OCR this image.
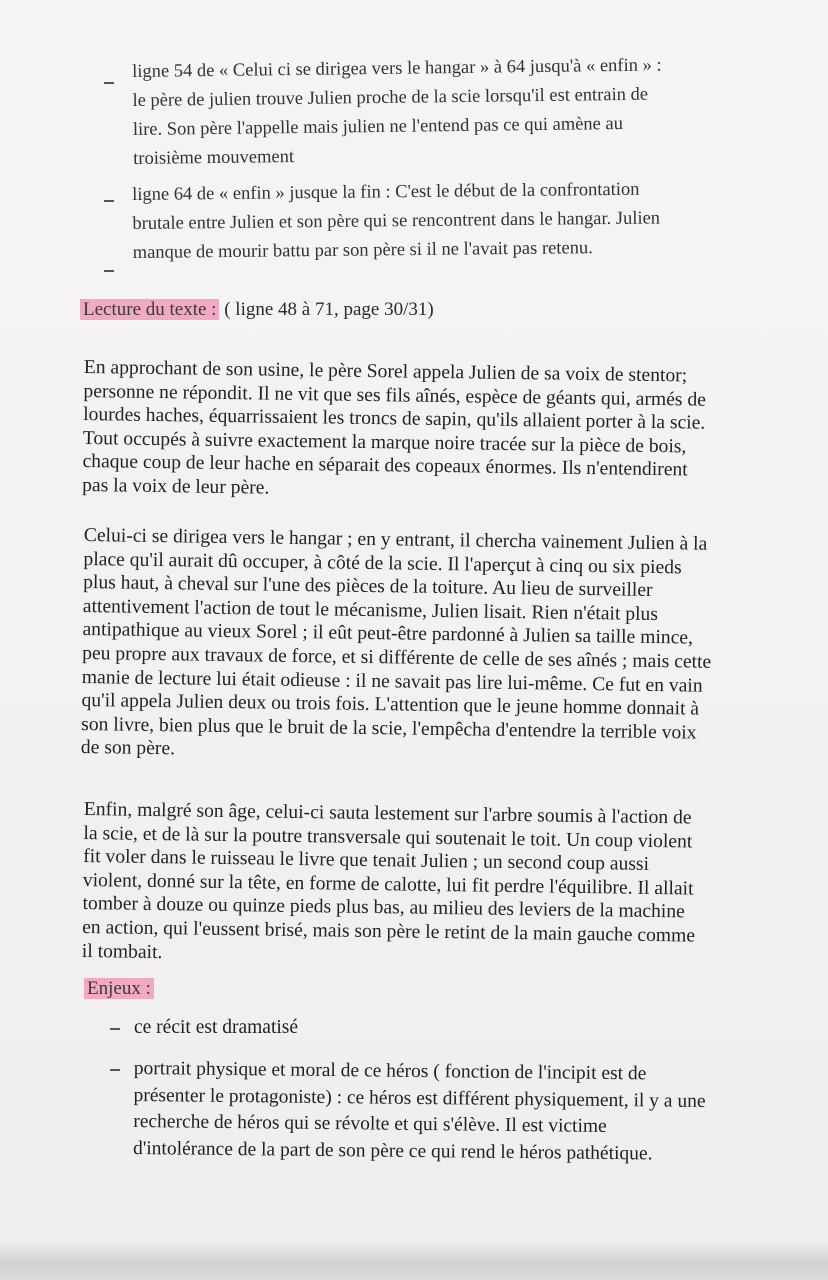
ligne 54 de « Celui ci se dirigea vers le hangar » à 64 jusqu'à « enfin » :
le père de julien trouve Julien proche de la scie lorsqu'il est entrain de
lire. Son père l'appelle mais julien ne l'entend pas ce qui amène au
troisième mouvement
ligne 64 de « enfin » jusque la fin : C'est le début de la confrontation
brutale entre Julien et son père qui se rencontrent dans le hangar. Julien
manque de mourir battu par son père si il ne l'avait pas retenu.
Lecture du texte : ( ligne 48 à 71, page 30/31)
En approchant de son usine, le père Sorel appela Julien de sa voix de stentor;
personne ne répondit. Il ne vit que ses fils aînés, espèce de géants qui, armés de
lourdes haches, équarrissaient les troncs de sapin, qu'ils allaient porter à la scie.
Tout occupés à suivre exactement la marque noire tracée sur la pièce de bois,
chaque coup de leur hache en séparait des copeaux énormes. Ils n'entendirent
pas la voix de leur père.
Celui-ci se dirigea vers le hangar ; en y entrant, il chercha vainement Julien à la
place qu'il aurait dû occuper, à côté de la scie. Il l'aperçut à cinq ou six pieds
plus haut, à cheval sur l'une des pièces de la toiture. Au lieu de surveiller
attentivement l'action de tout le mécanisme, Julien lisait. Rien n'était plus
antipathique au vieux Sorel ; il eût peut-être pardonné à Julien sa taille mince,
peu propre aux travaux de force, et si différente de celle de ses aînés ; mais cette
manie de lecture lui était odieuse : il ne savait pas lire lui-même. Ce fut en vain
qu'il appela Julien deux ou trois fois. L'attention que le jeune homme donnait à
son livre, bien plus que le bruit de la scie, l'empêcha d'entendre la terrible voix
de son père.
Enfin, malgré son âge, celui-ci sauta lestement sur l'arbre soumis à l'action de
la scie, et de là sur la poutre transversale qui soutenait le toit. Un coup violent
fit voler dans le ruisseau le livre que tenait Julien ; un second coup aussi
violent, donné sur la tête, en forme de calotte, lui fit perdre l'équilibre. Il allait
tomber à douze ou quinze pieds plus bas, au milieu des leviers de la machine
en action, qui l'eussent brisé, mais son père le retint de la main gauche comme
il tombait.
Enjeux :
ce récit est dramatisé
portrait physique et moral de ce héros ( fonction de l'incipit est de
présenter le protagoniste) : ce héros est différent physiquement, il y a une
recherche de héros qui se révolte et qui s'élève. Il est victime
d'intolérance de la part de son père ce qui rend le héros pathétique.
